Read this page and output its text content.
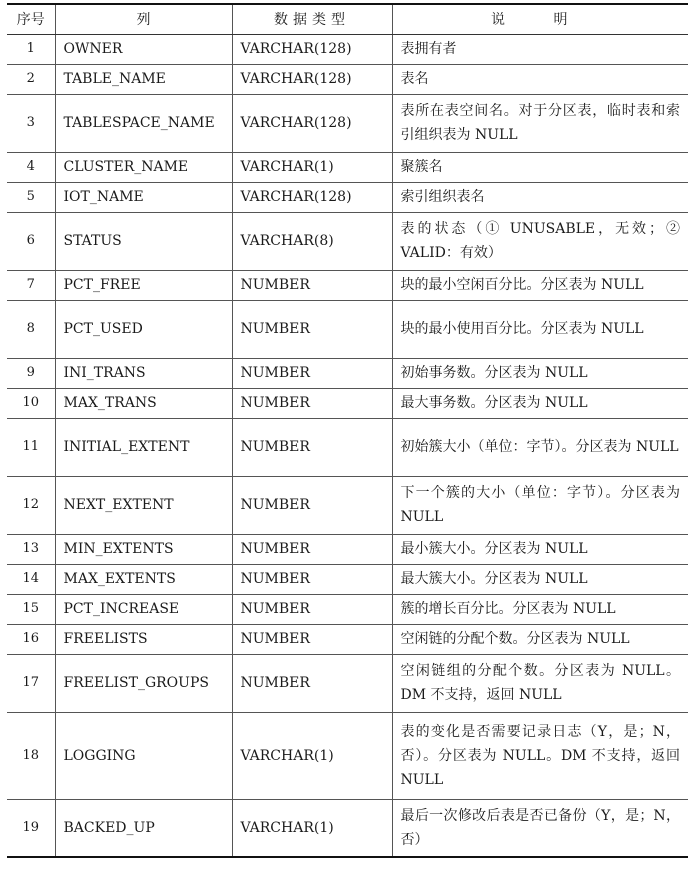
序号	列	数据类型	说 明
1	OWNER	VARCHAR(128)	表拥有者
2	TABLE_NAME	VARCHAR(128)	表名
3	TABLESPACE_NAME	VARCHAR(128)	表所在表空间名。对于分区表，临时表和索引组织表为 NULL
4	CLUSTER_NAME	VARCHAR(1)	聚簇名
5	IOT_NAME	VARCHAR(128)	索引组织表名
6	STATUS	VARCHAR(8)	表的状态（① UNUSABLE，无效；② VALID：有效）
7	PCT_FREE	NUMBER	块的最小空闲百分比。分区表为 NULL
8	PCT_USED	NUMBER	块的最小使用百分比。分区表为 NULL
9	INI_TRANS	NUMBER	初始事务数。分区表为 NULL
10	MAX_TRANS	NUMBER	最大事务数。分区表为 NULL
11	INITIAL_EXTENT	NUMBER	初始簇大小（单位：字节）。分区表为 NULL
12	NEXT_EXTENT	NUMBER	下一个簇的大小（单位：字节）。分区表为 NULL
13	MIN_EXTENTS	NUMBER	最小簇大小。分区表为 NULL
14	MAX_EXTENTS	NUMBER	最大簇大小。分区表为 NULL
15	PCT_INCREASE	NUMBER	簇的增长百分比。分区表为 NULL
16	FREELISTS	NUMBER	空闲链的分配个数。分区表为 NULL
17	FREELIST_GROUPS	NUMBER	空闲链组的分配个数。分区表为 NULL。DM 不支持，返回 NULL
18	LOGGING	VARCHAR(1)	表的变化是否需要记录日志（Y，是；N，否）。分区表为 NULL。DM 不支持，返回 NULL
19	BACKED_UP	VARCHAR(1)	最后一次修改后表是否已备份（Y，是；N，否）
